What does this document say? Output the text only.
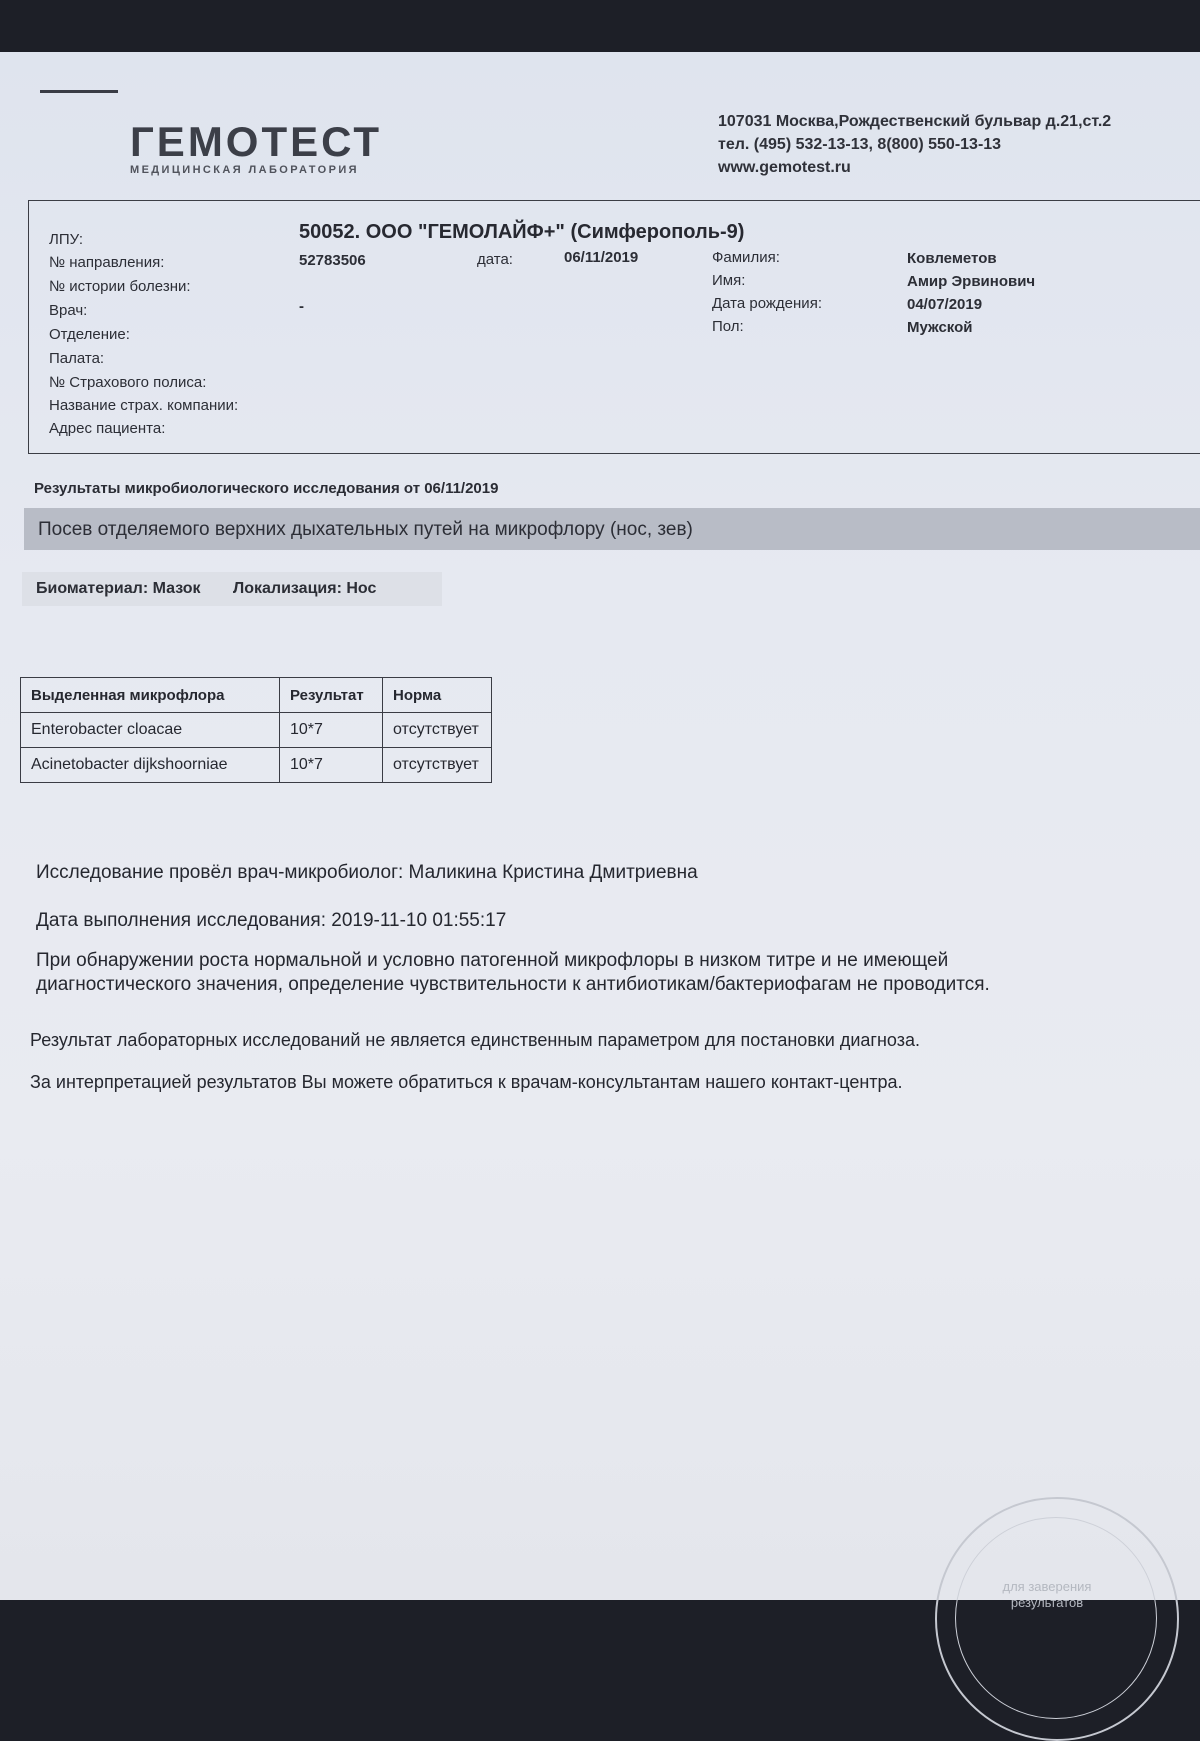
ГЕМОТЕСТ
МЕДИЦИНСКАЯ ЛАБОРАТОРИЯ
107031 Москва,Рождественский бульвар д.21,ст.2
тел. (495) 532-13-13, 8(800) 550-13-13
www.gemotest.ru
ЛПУ:	50052. ООО "ГЕМОЛАЙФ+" (Симферополь-9)
№ направления:	52783506	дата:	06/11/2019
№ истории болезни:
Врач:	-
Отделение:
Палата:
№ Страхового полиса:
Название страх. компании:
Адрес пациента:
Фамилия:	Ковлеметов
Имя:	Амир Эрвинович
Дата рождения:	04/07/2019
Пол:	Мужской
Результаты микробиологического исследования от 06/11/2019
Посев отделяемого верхних дыхательных путей на микрофлору (нос, зев)
Биоматериал: Мазок Локализация: Нос
Выделенная микрофлора	Результат	Норма
Enterobacter cloacae	10*7	отсутствует
Acinetobacter dijkshoorniae	10*7	отсутствует
Исследование провёл врач-микробиолог: Маликина Кристина Дмитриевна
Дата выполнения исследования: 2019-11-10 01:55:17
При обнаружении роста нормальной и условно патогенной микрофлоры в низком титре и не имеющей
диагностического значения, определение чувствительности к антибиотикам/бактериофагам не проводится.
Результат лабораторных исследований не является единственным параметром для постановки диагноза.
За интерпретацией результатов Вы можете обратиться к врачам-консультантам нашего контакт-центра.
для заверения результатов
